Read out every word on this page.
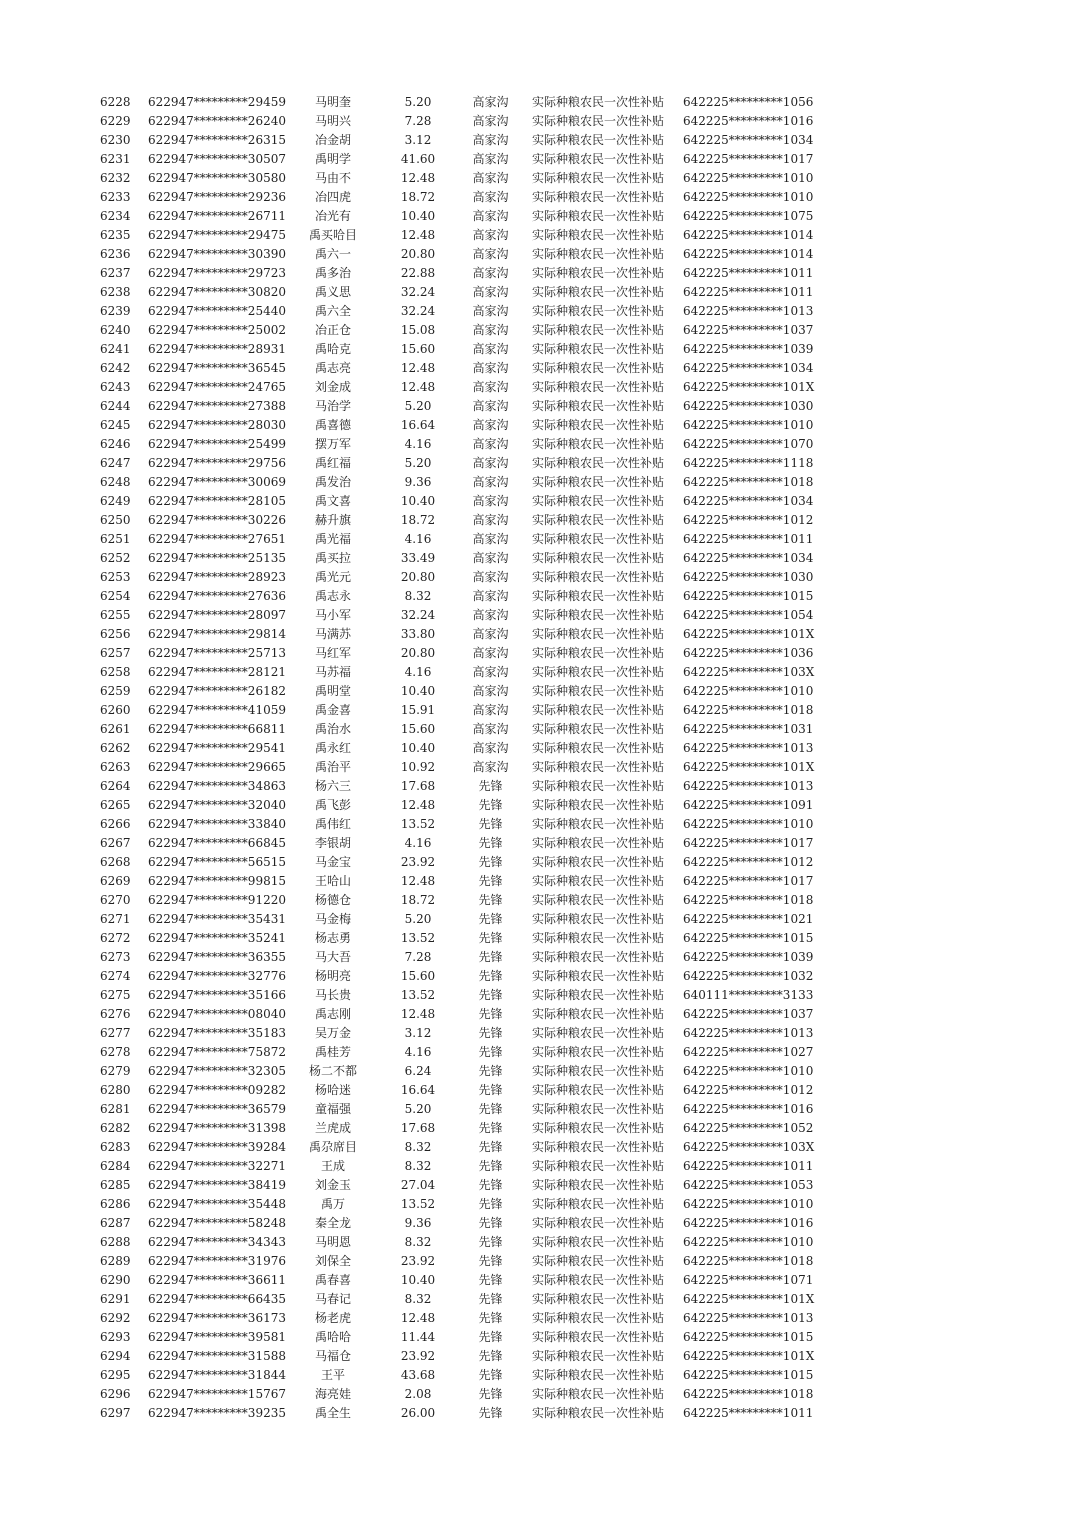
6228	622947*********29459	马明奎	5.20	高家沟	实际种粮农民一次性补贴	642225*********1056
6229	622947*********26240	马明兴	7.28	高家沟	实际种粮农民一次性补贴	642225*********1016
6230	622947*********26315	冶金胡	3.12	高家沟	实际种粮农民一次性补贴	642225*********1034
6231	622947*********30507	禹明学	41.60	高家沟	实际种粮农民一次性补贴	642225*********1017
6232	622947*********30580	马由不	12.48	高家沟	实际种粮农民一次性补贴	642225*********1010
6233	622947*********29236	冶四虎	18.72	高家沟	实际种粮农民一次性补贴	642225*********1010
6234	622947*********26711	冶光有	10.40	高家沟	实际种粮农民一次性补贴	642225*********1075
6235	622947*********29475	禹买哈目	12.48	高家沟	实际种粮农民一次性补贴	642225*********1014
6236	622947*********30390	禹六一	20.80	高家沟	实际种粮农民一次性补贴	642225*********1014
6237	622947*********29723	禹多治	22.88	高家沟	实际种粮农民一次性补贴	642225*********1011
6238	622947*********30820	禹义思	32.24	高家沟	实际种粮农民一次性补贴	642225*********1011
6239	622947*********25440	禹六全	32.24	高家沟	实际种粮农民一次性补贴	642225*********1013
6240	622947*********25002	冶正仓	15.08	高家沟	实际种粮农民一次性补贴	642225*********1037
6241	622947*********28931	禹哈克	15.60	高家沟	实际种粮农民一次性补贴	642225*********1039
6242	622947*********36545	禹志亮	12.48	高家沟	实际种粮农民一次性补贴	642225*********1034
6243	622947*********24765	刘金成	12.48	高家沟	实际种粮农民一次性补贴	642225*********101X
6244	622947*********27388	马治学	5.20	高家沟	实际种粮农民一次性补贴	642225*********1030
6245	622947*********28030	禹喜德	16.64	高家沟	实际种粮农民一次性补贴	642225*********1010
6246	622947*********25499	摆万军	4.16	高家沟	实际种粮农民一次性补贴	642225*********1070
6247	622947*********29756	禹红福	5.20	高家沟	实际种粮农民一次性补贴	642225*********1118
6248	622947*********30069	禹发治	9.36	高家沟	实际种粮农民一次性补贴	642225*********1018
6249	622947*********28105	禹文喜	10.40	高家沟	实际种粮农民一次性补贴	642225*********1034
6250	622947*********30226	赫升旗	18.72	高家沟	实际种粮农民一次性补贴	642225*********1012
6251	622947*********27651	禹光福	4.16	高家沟	实际种粮农民一次性补贴	642225*********1011
6252	622947*********25135	禹买拉	33.49	高家沟	实际种粮农民一次性补贴	642225*********1034
6253	622947*********28923	禹光元	20.80	高家沟	实际种粮农民一次性补贴	642225*********1030
6254	622947*********27636	禹志永	8.32	高家沟	实际种粮农民一次性补贴	642225*********1015
6255	622947*********28097	马小军	32.24	高家沟	实际种粮农民一次性补贴	642225*********1054
6256	622947*********29814	马满苏	33.80	高家沟	实际种粮农民一次性补贴	642225*********101X
6257	622947*********25713	马红军	20.80	高家沟	实际种粮农民一次性补贴	642225*********1036
6258	622947*********28121	马苏福	4.16	高家沟	实际种粮农民一次性补贴	642225*********103X
6259	622947*********26182	禹明堂	10.40	高家沟	实际种粮农民一次性补贴	642225*********1010
6260	622947*********41059	禹金喜	15.91	高家沟	实际种粮农民一次性补贴	642225*********1018
6261	622947*********66811	禹治水	15.60	高家沟	实际种粮农民一次性补贴	642225*********1031
6262	622947*********29541	禹永红	10.40	高家沟	实际种粮农民一次性补贴	642225*********1013
6263	622947*********29665	禹治平	10.92	高家沟	实际种粮农民一次性补贴	642225*********101X
6264	622947*********34863	杨六三	17.68	先锋	实际种粮农民一次性补贴	642225*********1013
6265	622947*********32040	禹飞彭	12.48	先锋	实际种粮农民一次性补贴	642225*********1091
6266	622947*********33840	禹伟红	13.52	先锋	实际种粮农民一次性补贴	642225*********1010
6267	622947*********66845	李银胡	4.16	先锋	实际种粮农民一次性补贴	642225*********1017
6268	622947*********56515	马金宝	23.92	先锋	实际种粮农民一次性补贴	642225*********1012
6269	622947*********99815	王哈山	12.48	先锋	实际种粮农民一次性补贴	642225*********1017
6270	622947*********91220	杨德仓	18.72	先锋	实际种粮农民一次性补贴	642225*********1018
6271	622947*********35431	马金梅	5.20	先锋	实际种粮农民一次性补贴	642225*********1021
6272	622947*********35241	杨志勇	13.52	先锋	实际种粮农民一次性补贴	642225*********1015
6273	622947*********36355	马大吾	7.28	先锋	实际种粮农民一次性补贴	642225*********1039
6274	622947*********32776	杨明亮	15.60	先锋	实际种粮农民一次性补贴	642225*********1032
6275	622947*********35166	马长贵	13.52	先锋	实际种粮农民一次性补贴	640111*********3133
6276	622947*********08040	禹志刚	12.48	先锋	实际种粮农民一次性补贴	642225*********1037
6277	622947*********35183	吴万金	3.12	先锋	实际种粮农民一次性补贴	642225*********1013
6278	622947*********75872	禹桂芳	4.16	先锋	实际种粮农民一次性补贴	642225*********1027
6279	622947*********32305	杨二不都	6.24	先锋	实际种粮农民一次性补贴	642225*********1010
6280	622947*********09282	杨哈迷	16.64	先锋	实际种粮农民一次性补贴	642225*********1012
6281	622947*********36579	童福强	5.20	先锋	实际种粮农民一次性补贴	642225*********1016
6282	622947*********31398	兰虎成	17.68	先锋	实际种粮农民一次性补贴	642225*********1052
6283	622947*********39284	禹尕席目	8.32	先锋	实际种粮农民一次性补贴	642225*********103X
6284	622947*********32271	王成	8.32	先锋	实际种粮农民一次性补贴	642225*********1011
6285	622947*********38419	刘金玉	27.04	先锋	实际种粮农民一次性补贴	642225*********1053
6286	622947*********35448	禹万	13.52	先锋	实际种粮农民一次性补贴	642225*********1010
6287	622947*********58248	秦全龙	9.36	先锋	实际种粮农民一次性补贴	642225*********1016
6288	622947*********34343	马明恩	8.32	先锋	实际种粮农民一次性补贴	642225*********1010
6289	622947*********31976	刘保全	23.92	先锋	实际种粮农民一次性补贴	642225*********1018
6290	622947*********36611	禹春喜	10.40	先锋	实际种粮农民一次性补贴	642225*********1071
6291	622947*********66435	马春记	8.32	先锋	实际种粮农民一次性补贴	642225*********101X
6292	622947*********36173	杨老虎	12.48	先锋	实际种粮农民一次性补贴	642225*********1013
6293	622947*********39581	禹哈哈	11.44	先锋	实际种粮农民一次性补贴	642225*********1015
6294	622947*********31588	马福仓	23.92	先锋	实际种粮农民一次性补贴	642225*********101X
6295	622947*********31844	王平	43.68	先锋	实际种粮农民一次性补贴	642225*********1015
6296	622947*********15767	海亮娃	2.08	先锋	实际种粮农民一次性补贴	642225*********1018
6297	622947*********39235	禹全生	26.00	先锋	实际种粮农民一次性补贴	642225*********1011
